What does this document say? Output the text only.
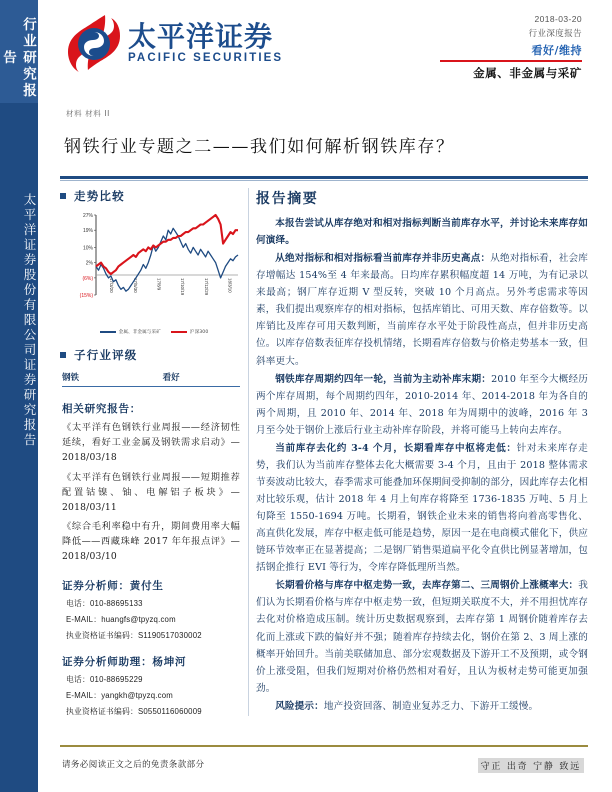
行业研究报告
太平洋证券股份有限公司证券研究报告
太平洋证券
PACIFIC SECURITIES
2018-03-20
行业深度报告
看好/维持
金属、非金属与采矿
材料 材料 II
钢铁行业专题之二——我们如何解析钢铁库存？
走势比较
27%
19%
10%
2%
(6%)
(15%)
17/3/20	17/5/30	17/8/9	17/10/19	17/12/29	18/3/10
金属、非金属与采矿	沪深300
子行业评级
钢铁	看好
相关研究报告：
《太平洋有色钢铁行业周报——经济韧性延续，看好工业金属及钢铁需求启动》—2018/03/18
《太平洋有色钢铁行业周报——短期推荐配置钴镍、铀、电解铝子板块》—2018/03/11
《综合毛利率稳中有升，期间费用率大幅降低——西藏珠峰 2017 年年报点评》—2018/03/10
证券分析师：黄付生
电话：010-88695133
E-MAIL：huangfs@tpyzq.com
执业资格证书编码：S1190517030002
证券分析师助理：杨坤河
电话：010-88695229
E-MAIL：yangkh@tpyzq.com
执业资格证书编码：S0550116060009
报告摘要
本报告尝试从库存绝对和相对指标判断当前库存水平，并讨论未来库存如何演绎。
从绝对指标和相对指标看当前库存并非历史高点：从绝对指标看，社会库存增幅达 154%至 4 年来最高。日均库存累积幅度超 14 万吨，为有记录以来最高；钢厂库存近期 V 型反转，突破 10 个月高点。另外考虑需求等因素，我们提出观察库存的相对指标，包括库销比、可用天数、库存倍数等。以库销比及库存可用天数判断，当前库存水平处于阶段性高点，但并非历史高位。以库存倍数表征库存投机情绪，长期看库存倍数与价格走势基本一致，但斜率更大。
钢铁库存周期约四年一轮，当前为主动补库末期：2010 年至今大概经历两个库存周期，每个周期约四年，2010-2014 年、2014-2018 年为各自的两个周期，且 2010 年、2014 年、2018 年为周期中的波峰，2016 年 3 月至今处于钢价上涨后行业主动补库存阶段，并将可能马上转向去库存。
当前库存去化约 3-4 个月，长期看库存中枢将走低：针对未来库存走势，我们认为当前库存整体去化大概需要 3-4 个月，且由于 2018 整体需求节奏波动比较大，春季需求可能叠加环保期间受抑制的部分，因此库存去化相对比较乐观，估计 2018 年 4 月上旬库存将降至 1736-1835 万吨、5 月上旬降至 1550-1694 万吨。长期看，钢铁企业未来的销售将向着高零售化、高直供化发展，库存中枢走低可能是趋势，原因一是在电商模式催化下，供应链环节效率正在显著提高；二是钢厂销售渠道扁平化令直供比例显著增加，包括钢企推行 EVI 等行为，令库存降低理所当然。
长期看价格与库存中枢走势一致，去库存第二、三周钢价上涨概率大：我们认为长期看价格与库存中枢走势一致，但短期关联度不大，并不用担忧库存去化对价格造成压制。统计历史数据观察到，去库存第 1 周钢价随着库存去化而上涨或下跌的偏好并不强；随着库存持续去化，钢价在第 2、3 周上涨的概率开始回升。当前美联储加息、部分宏观数据及下游开工不及预期，或令钢价上涨受阻，但我们短期对价格仍然相对看好，且认为板材走势可能更加强劲。
风险提示：地产投资回落、制造业复苏乏力、下游开工缓慢。
请务必阅读正文之后的免责条款部分	守正 出奇 宁静 致远
